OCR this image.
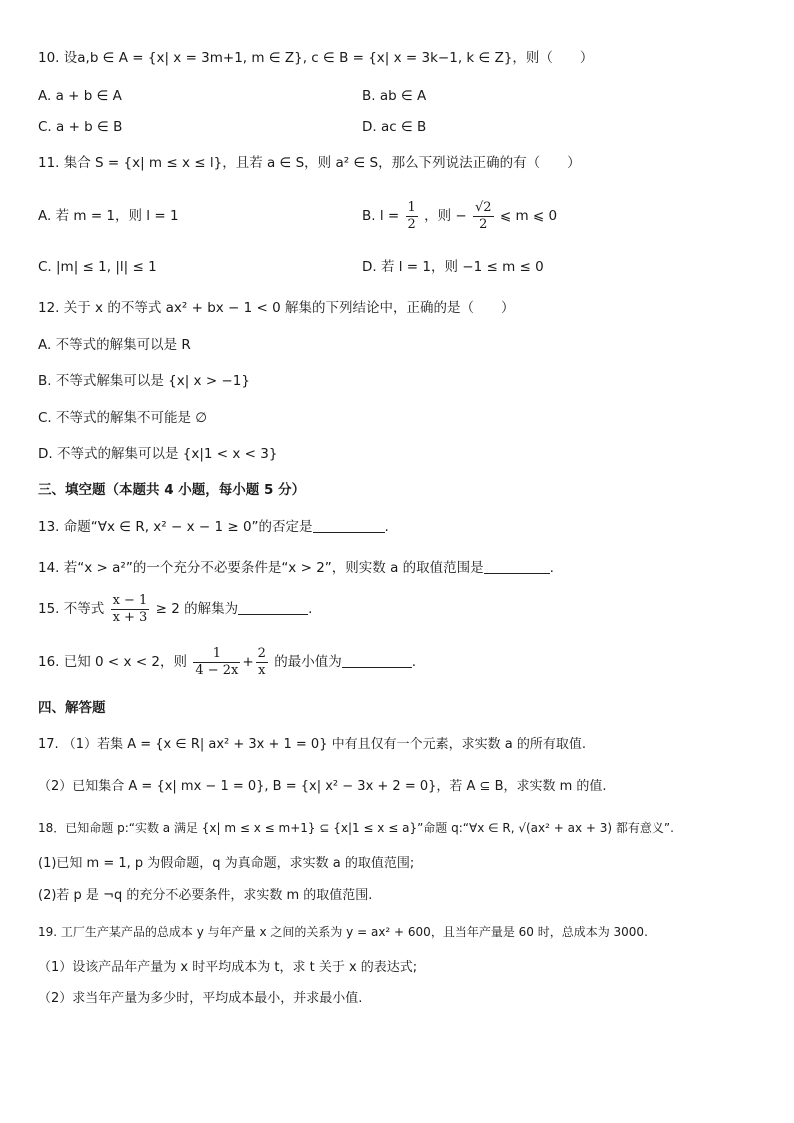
10. 设a,b ∈ A = {x| x = 3m+1, m ∈ Z}, c ∈ B = {x| x = 3k−1, k ∈ Z}，则（　　）
A. a + b ∈ A	B. ab ∈ A
C. a + b ∈ B	D. ac ∈ B
11. 集合 S = {x| m ≤ x ≤ l}，且若 a ∈ S，则 a² ∈ S，那么下列说法正确的有（　　）
A. 若 m = 1，则 l = 1	B. $l = \frac{1}{2}$ ，则 − $\frac{√2}{2}$ ⩽ m ⩽ 0
C. |m| ≤ 1, |l| ≤ 1	D. 若 l = 1，则 −1 ≤ m ≤ 0
12. 关于 x 的不等式 ax² + bx − 1 < 0 解集的下列结论中，正确的是（　　）
A. 不等式的解集可以是 R
B. 不等式解集可以是 {x| x > −1}
C. 不等式的解集不可能是 ∅
D. 不等式的解集可以是 {x|1 < x < 3}
三、填空题（本题共 4 小题，每小题 5 分）
13. 命题“∀x ∈ R, x² − x − 1 ≥ 0”的否定是	.
14. 若“x > a²”的一个充分不必要条件是“x > 2”，则实数 a 的取值范围是	.
15. 不等式 $\frac{x - 1}{x + 3} \ge 2$ 的解集为	.
16. 已知 0 < x < 2，则 $\frac{1}{4 - 2x} + \frac{2}{x}$ 的最小值为	.
四、解答题
17. （1）若集 A = {x ∈ R| ax² + 3x + 1 = 0} 中有且仅有一个元素，求实数 a 的所有取值.
（2）已知集合 A = {x| mx − 1 = 0}, B = {x| x² − 3x + 2 = 0}，若 A ⊆ B，求实数 m 的值.
18．已知命题 p:“实数 a 满足 {x| m ≤ x ≤ m+1} ⊆ {x|1 ≤ x ≤ a}”命题 q:“∀x ∈ R, √(ax² + ax + 3) 都有意义”.
(1)已知 m = 1, p 为假命题，q 为真命题，求实数 a 的取值范围;
(2)若 p 是 ¬q 的充分不必要条件，求实数 m 的取值范围.
19. 工厂生产某产品的总成本 y 与年产量 x 之间的关系为 y = ax² + 600，且当年产量是 60 时，总成本为 3000.
（1）设该产品年产量为 x 时平均成本为 t，求 t 关于 x 的表达式;
（2）求当年产量为多少时，平均成本最小，并求最小值.
